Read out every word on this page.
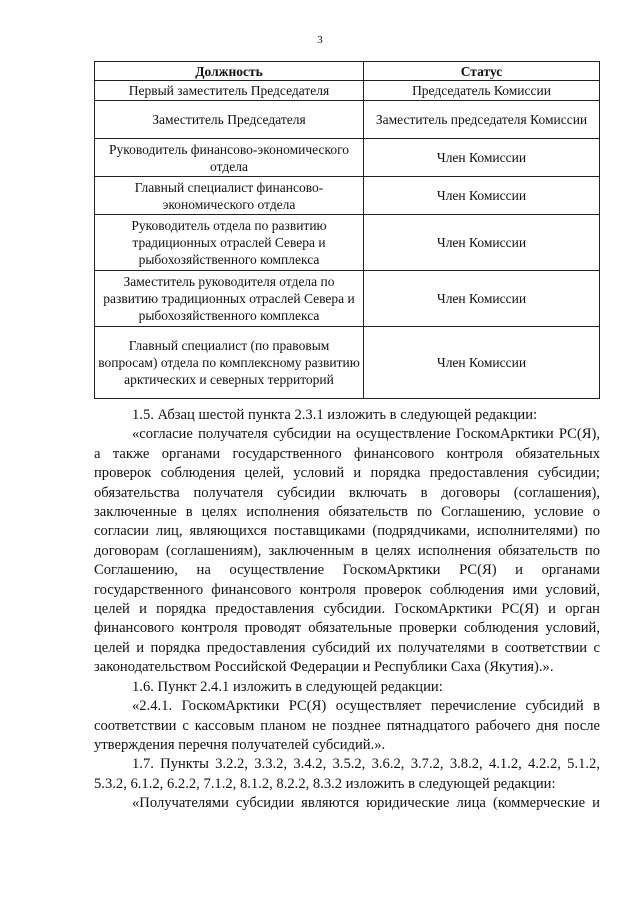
3
Должность	Статус
Первый заместитель Председателя	Председатель Комиссии
Заместитель Председателя	Заместитель председателя Комиссии
Руководитель финансово-экономического отдела	Член Комиссии
Главный специалист финансово-экономического отдела	Член Комиссии
Руководитель отдела по развитию традиционных отраслей Севера и рыбохозяйственного комплекса	Член Комиссии
Заместитель руководителя отдела по развитию традиционных отраслей Севера и рыбохозяйственного комплекса	Член Комиссии
Главный специалист (по правовым вопросам) отдела по комплексному развитию арктических и северных территорий	Член Комиссии

1.5. Абзац шестой пункта 2.3.1 изложить в следующей редакции:

«согласие получателя субсидии на осуществление ГоскомАрктики РС(Я), а также органами государственного финансового контроля обязательных проверок соблюдения целей, условий и порядка предоставления субсидии; обязательства получателя субсидии включать в договоры (соглашения), заключенные в целях исполнения обязательств по Соглашению, условие о согласии лиц, являющихся поставщиками (подрядчиками, исполнителями) по договорам (соглашениям), заключенным в целях исполнения обязательств по Соглашению, на осуществление ГоскомАрктики РС(Я) и органами государственного финансового контроля проверок соблюдения ими условий, целей и порядка предоставления субсидии. ГоскомАрктики РС(Я) и орган финансового контроля проводят обязательные проверки соблюдения условий, целей и порядка предоставления субсидий их получателями в соответствии с законодательством Российской Федерации и Республики Саха (Якутия).».

1.6. Пункт 2.4.1 изложить в следующей редакции:

«2.4.1. ГоскомАрктики РС(Я) осуществляет перечисление субсидий в соответствии с кассовым планом не позднее пятнадцатого рабочего дня после утверждения перечня получателей субсидий.».

1.7. Пункты 3.2.2, 3.3.2, 3.4.2, 3.5.2, 3.6.2, 3.7.2, 3.8.2, 4.1.2, 4.2.2, 5.1.2, 5.3.2, 6.1.2, 6.2.2, 7.1.2, 8.1.2, 8.2.2, 8.3.2 изложить в следующей редакции:

«Получателями субсидии являются юридические лица (коммерческие и
